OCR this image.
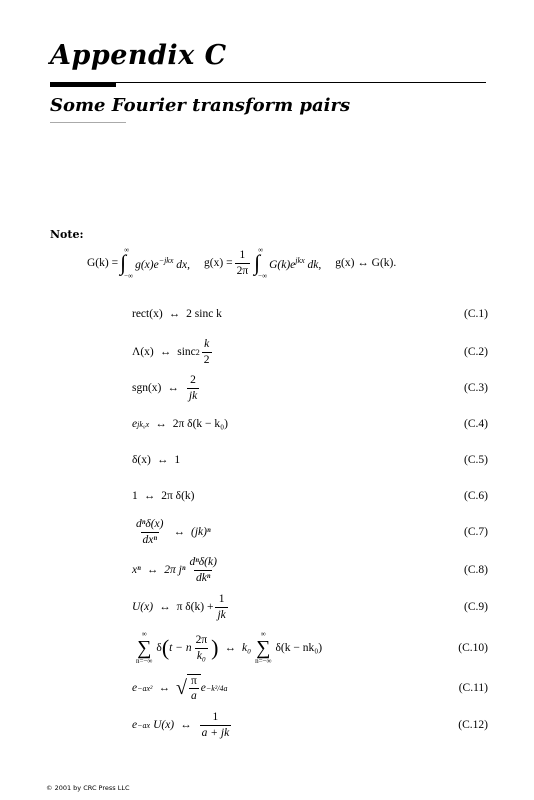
Appendix C
Some Fourier transform pairs
Note:
G(k) = ∫
∞
−∞
$g(x)e^{-jkx}$ dx, $g(x) = \frac{1}{2\pi}$ ∫
∞
−∞
$G(k)e^{jkx}$ dk, g(x) ↔ G(k).
rect(x) ↔ 2 sinc k	(C.1)
Λ(x) ↔ sinc $2 \frac{k}{2}$	(C.2)
sgn(x) ↔ $\frac{2}{jk}$	(C.3)
e jk₀x ↔ 2π δ(k − k₀)	(C.4)
δ(x) ↔ 1	(C.5)
1 ↔ 2π δ(k)	(C.6)
$\frac{\text{dⁿδ(x)}}{\text{dxⁿ}}$ ↔ (jk)ⁿ	(C.7)
xⁿ ↔ 2π jⁿ $\frac{\text{dⁿδ(k)}}{\text{dkⁿ}}$	(C.8)
U(x) ↔ π $\delta(k) + \frac{1}{jk}$	(C.9)
∞
∑
n=−∞
δ ( t − n $\frac{2\pi}{\text{k₀}}$ ) ↔ k₀
∞
∑
n=−∞
δ(k − nk₀)	(C.10)
e −ax² ↔ √ $\frac{\pi}{a}$ e −k²/4a	(C.11)
e −ax U(x) ↔ $\frac{1}{a + jk}$	(C.12)
© 2001 by CRC Press LLC
